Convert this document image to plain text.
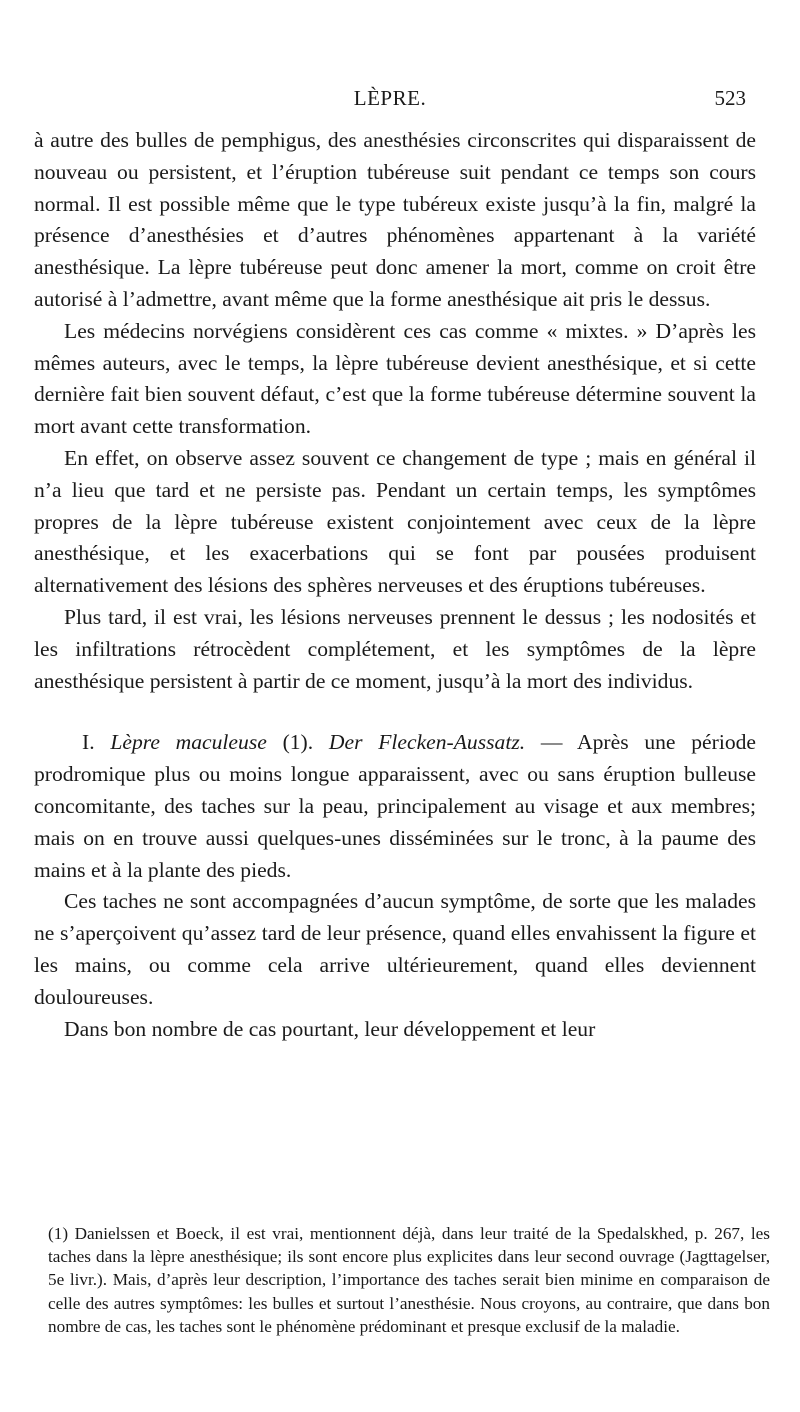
LÈPRE.	523

à autre des bulles de pemphigus, des anesthésies circonscrites qui disparaissent de nouveau ou persistent, et l’éruption tubéreuse suit pendant ce temps son cours normal. Il est possible même que le type tubéreux existe jusqu’à la fin, malgré la présence d’anesthésies et d’autres phénomènes appartenant à la variété anesthésique. La lèpre tubéreuse peut donc amener la mort, comme on croit être autorisé à l’admettre, avant même que la forme anesthésique ait pris le dessus.

Les médecins norvégiens considèrent ces cas comme « mixtes. » D’après les mêmes auteurs, avec le temps, la lèpre tubéreuse devient anesthésique, et si cette dernière fait bien souvent défaut, c’est que la forme tubéreuse détermine souvent la mort avant cette transformation.

En effet, on observe assez souvent ce changement de type ; mais en général il n’a lieu que tard et ne persiste pas. Pendant un certain temps, les symptômes propres de la lèpre tubéreuse existent conjointement avec ceux de la lèpre anesthésique, et les exacerbations qui se font par pousées produisent alternativement des lésions des sphères nerveuses et des éruptions tubéreuses.

Plus tard, il est vrai, les lésions nerveuses prennent le dessus ; les nodosités et les infiltrations rétrocèdent complétement, et les symptômes de la lèpre anesthésique persistent à partir de ce moment, jusqu’à la mort des individus.

I. Lèpre maculeuse (1). Der Flecken-Aussatz. — Après une période prodromique plus ou moins longue apparaissent, avec ou sans éruption bulleuse concomitante, des taches sur la peau, principalement au visage et aux membres; mais on en trouve aussi quelques-unes disséminées sur le tronc, à la paume des mains et à la plante des pieds.

Ces taches ne sont accompagnées d’aucun symptôme, de sorte que les malades ne s’aperçoivent qu’assez tard de leur présence, quand elles envahissent la figure et les mains, ou comme cela arrive ultérieurement, quand elles deviennent douloureuses.

Dans bon nombre de cas pourtant, leur développement et leur

(1) Danielssen et Boeck, il est vrai, mentionnent déjà, dans leur traité de la Spedalskhed, p. 267, les taches dans la lèpre anesthésique; ils sont encore plus explicites dans leur second ouvrage (Jagttagelser, 5e livr.). Mais, d’après leur description, l’importance des taches serait bien minime en comparaison de celle des autres symptômes: les bulles et surtout l’anesthésie. Nous croyons, au contraire, que dans bon nombre de cas, les taches sont le phénomène prédominant et presque exclusif de la maladie.
